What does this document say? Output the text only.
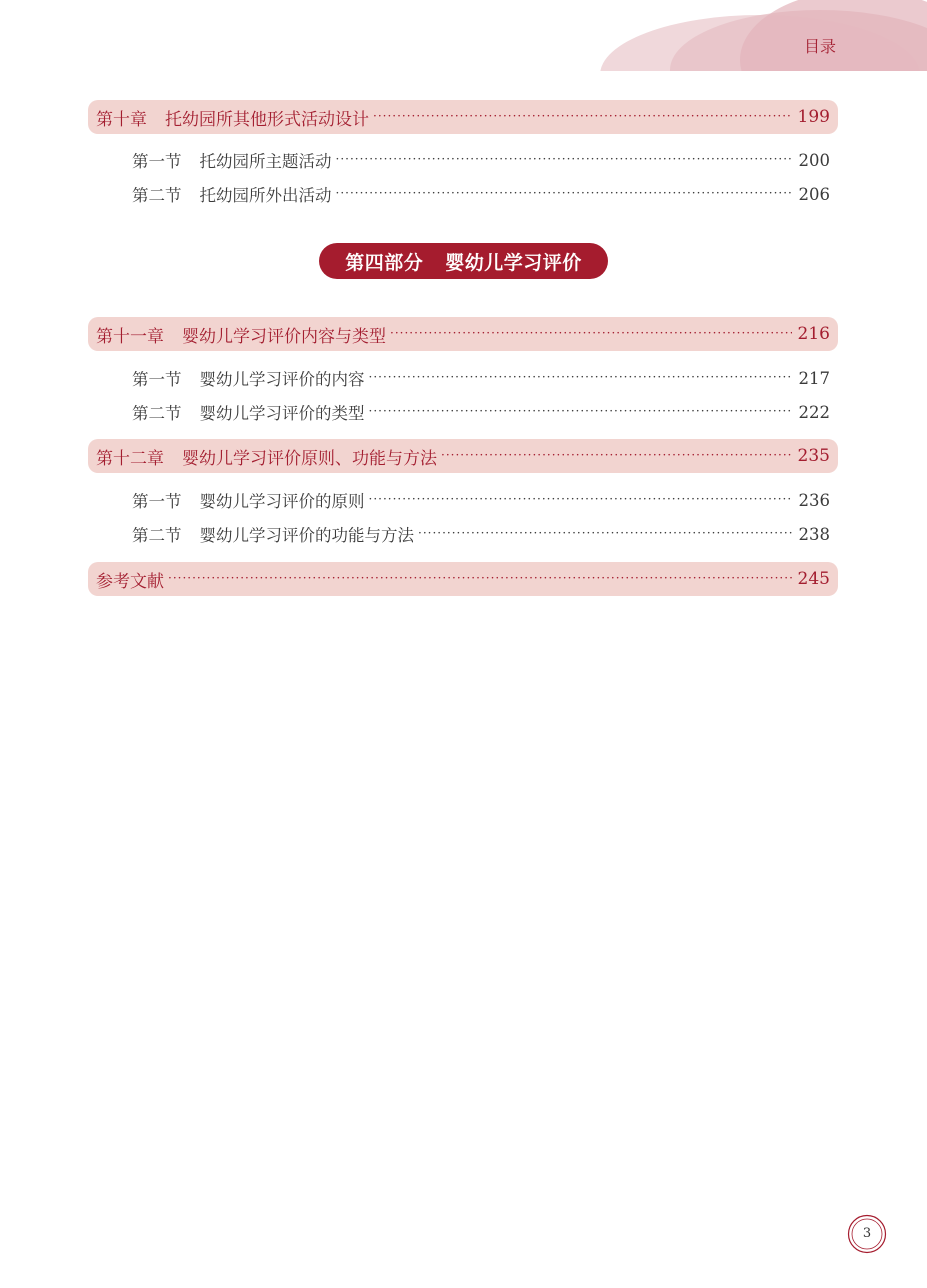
目录
第十章 托幼园所其他形式活动设计 ·····	199
第一节 托幼园所主题活动 ·····	200
第二节 托幼园所外出活动 ·····	206
第四部分 婴幼儿学习评价
第十一章 婴幼儿学习评价内容与类型 ·····	216
第一节 婴幼儿学习评价的内容 ·····	217
第二节 婴幼儿学习评价的类型 ·····	222
第十二章 婴幼儿学习评价原则、功能与方法 ·····	235
第一节 婴幼儿学习评价的原则 ·····	236
第二节 婴幼儿学习评价的功能与方法 ·····	238
参考文献 ·····	245
3
